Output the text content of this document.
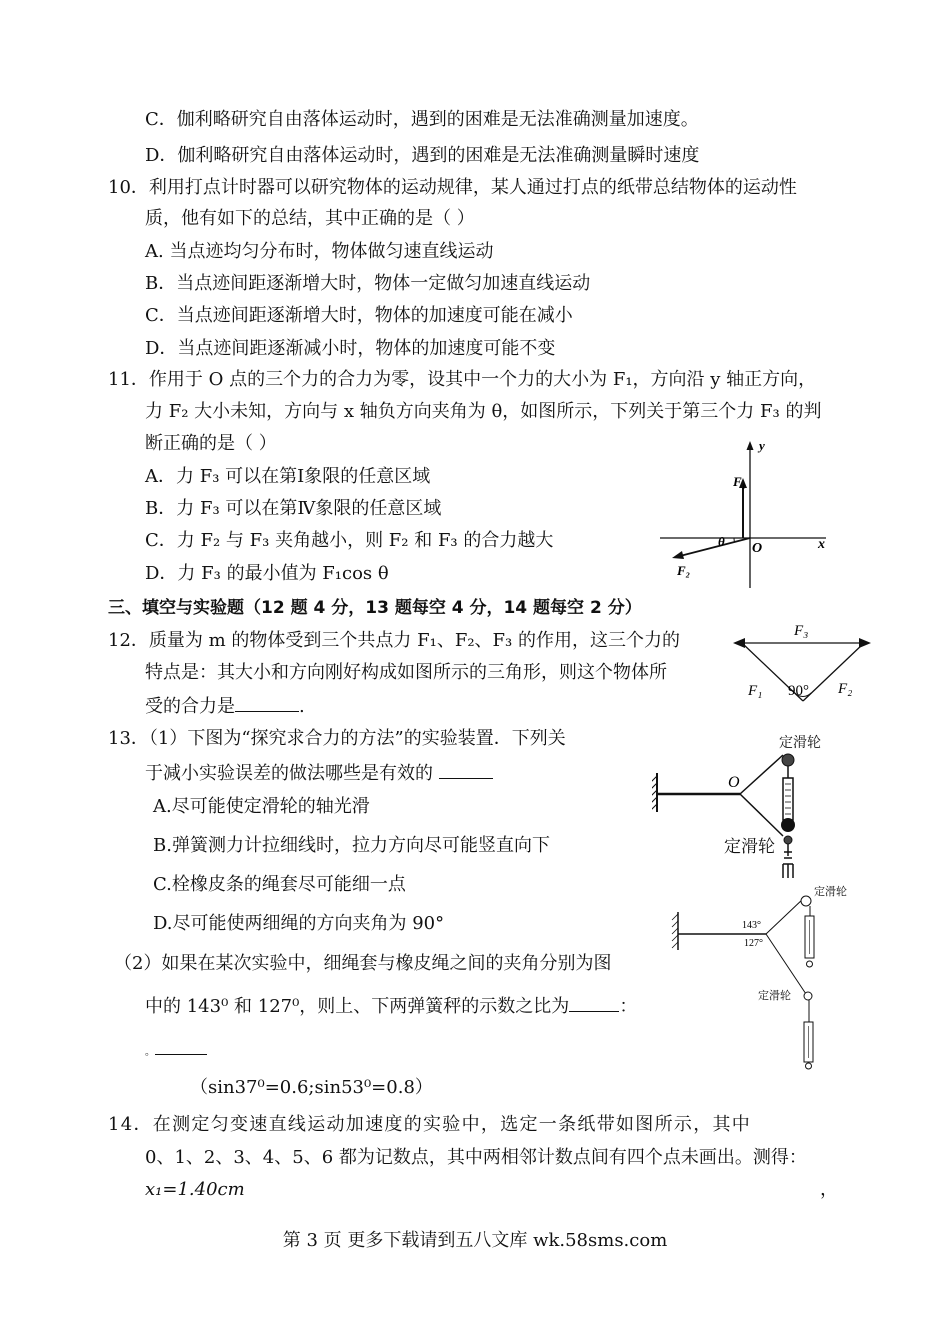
C．伽利略研究自由落体运动时，遇到的困难是无法准确测量加速度。
D．伽利略研究自由落体运动时，遇到的困难是无法准确测量瞬时速度
10．利用打点计时器可以研究物体的运动规律，某人通过打点的纸带总结物体的运动性
质，他有如下的总结，其中正确的是（ ）
A. 当点迹均匀分布时，物体做匀速直线运动
B．当点迹间距逐渐增大时，物体一定做匀加速直线运动
C．当点迹间距逐渐增大时，物体的加速度可能在减小
D．当点迹间距逐渐减小时，物体的加速度可能不变
11．作用于 O 点的三个力的合力为零，设其中一个力的大小为 F₁，方向沿 y 轴正方向，
力 F₂ 大小未知，方向与 x 轴负方向夹角为 θ，如图所示，下列关于第三个力 F₃ 的判
断正确的是（ ）
A．力 F₃ 可以在第Ⅰ象限的任意区域
B．力 F₃ 可以在第Ⅳ象限的任意区域
C．力 F₂ 与 F₃ 夹角越小，则 F₂ 和 F₃ 的合力越大
D．力 F₃ 的最小值为 F₁cos θ
y
x
O
F₁
F₂
θ
三、填空与实验题（12 题 4 分，13 题每空 4 分，14 题每空 2 分）
12．质量为 m 的物体受到三个共点力 F₁、F₂、F₃ 的作用，这三个力的
特点是：其大小和方向刚好构成如图所示的三角形，则这个物体所
受的合力是	.
F₃
F₁	F₂
90°
13．（1）下图为“探究求合力的方法”的实验装置．下列关
于减小实验误差的做法哪些是有效的
A.尽可能使定滑轮的轴光滑
B.弹簧测力计拉细线时，拉力方向尽可能竖直向下
C.栓橡皮条的绳套尽可能细一点
D.尽可能使两细绳的方向夹角为 90°
（2）如果在某次实验中，细绳套与橡皮绳之间的夹角分别为图
中的 143⁰ 和 127⁰，则上、下两弹簧秤的示数之比为	：
。
（sin37⁰=0.6;sin53⁰=0.8）
O
定滑轮
定滑轮
143°
127°
定滑轮
定滑轮
14．在测定匀变速直线运动加速度的实验中，选定一条纸带如图所示，其中
0、1、2、3、4、5、6 都为记数点，其中两相邻计数点间有四个点未画出。测得：
x₁=1.40cm	，
第 3 页 更多下载请到五八文库 wk.58sms.com
